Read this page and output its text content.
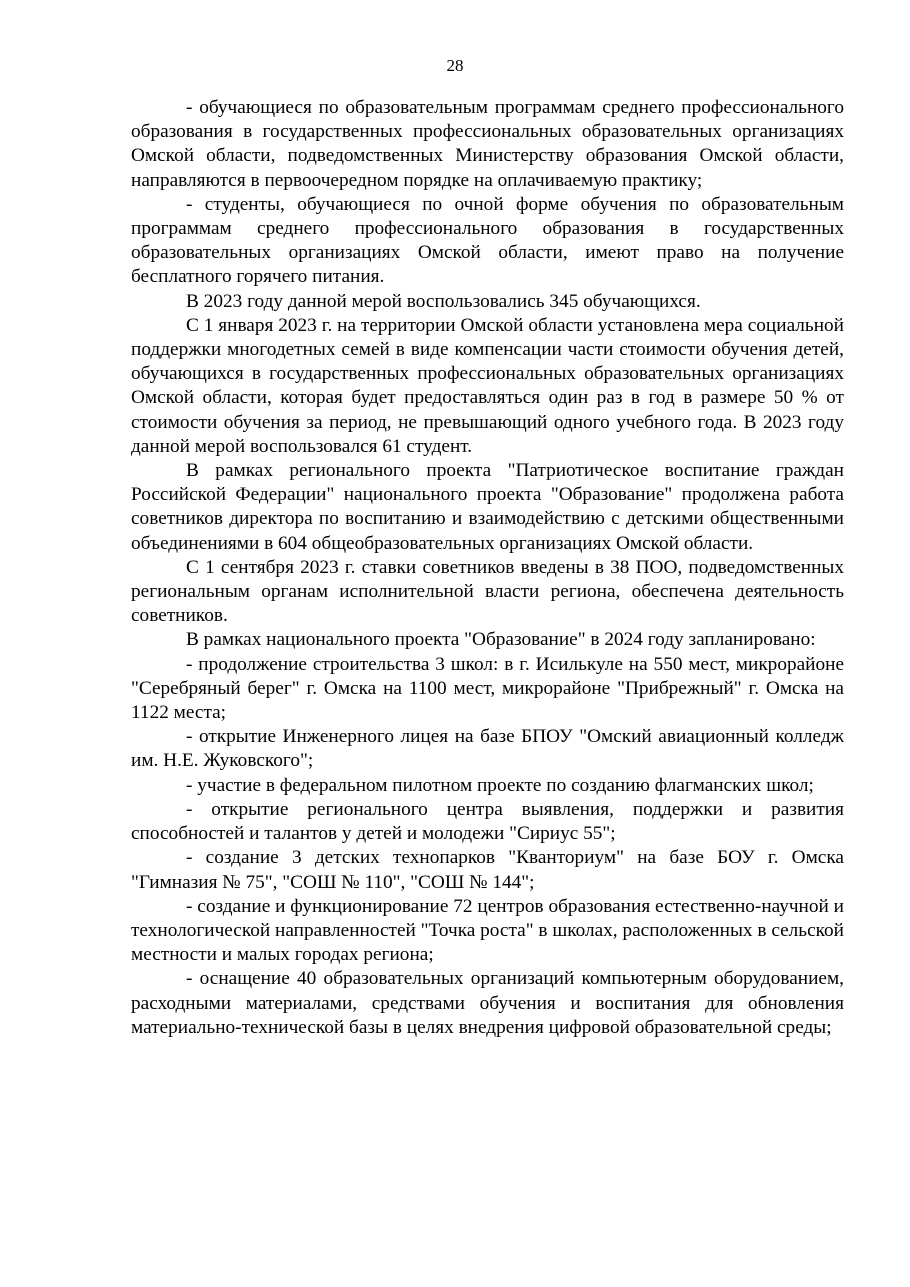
28

- обучающиеся по образовательным программам среднего профессионального образования в государственных профессиональных образовательных организациях Омской области, подведомственных Министерству образования Омской области, направляются в первоочередном порядке на оплачиваемую практику;

- студенты, обучающиеся по очной форме обучения по образовательным программам среднего профессионального образования в государственных образовательных организациях Омской области, имеют право на получение бесплатного горячего питания.

В 2023 году данной мерой воспользовались 345 обучающихся.

С 1 января 2023 г. на территории Омской области установлена мера социальной поддержки многодетных семей в виде компенсации части стоимости обучения детей, обучающихся в государственных профессиональных образовательных организациях Омской области, которая будет предоставляться один раз в год в размере 50 % от стоимости обучения за период, не превышающий одного учебного года. В 2023 году данной мерой воспользовался 61 студент.

В рамках регионального проекта "Патриотическое воспитание граждан Российской Федерации" национального проекта "Образование" продолжена работа советников директора по воспитанию и взаимодействию с детскими общественными объединениями в 604 общеобразовательных организациях Омской области.

С 1 сентября 2023 г. ставки советников введены в 38 ПОО, подведомственных региональным органам исполнительной власти региона, обеспечена деятельность советников.

В рамках национального проекта "Образование" в 2024 году запланировано:

- продолжение строительства 3 школ: в г. Исилькуле на 550 мест, микрорайоне "Серебряный берег" г. Омска на 1100 мест, микрорайоне "Прибрежный" г. Омска на 1122 места;

- открытие Инженерного лицея на базе БПОУ "Омский авиационный колледж им. Н.Е. Жуковского";

- участие в федеральном пилотном проекте по созданию флагманских школ;

- открытие регионального центра выявления, поддержки и развития способностей и талантов у детей и молодежи "Сириус 55";

- создание 3 детских технопарков "Кванториум" на базе БОУ г. Омска "Гимназия № 75", "СОШ № 110", "СОШ № 144";

- создание и функционирование 72 центров образования естественно-научной и технологической направленностей "Точка роста" в школах, расположенных в сельской местности и малых городах региона;

- оснащение 40 образовательных организаций компьютерным оборудованием, расходными материалами, средствами обучения и воспитания для обновления материально-технической базы в целях внедрения цифровой образовательной среды;
